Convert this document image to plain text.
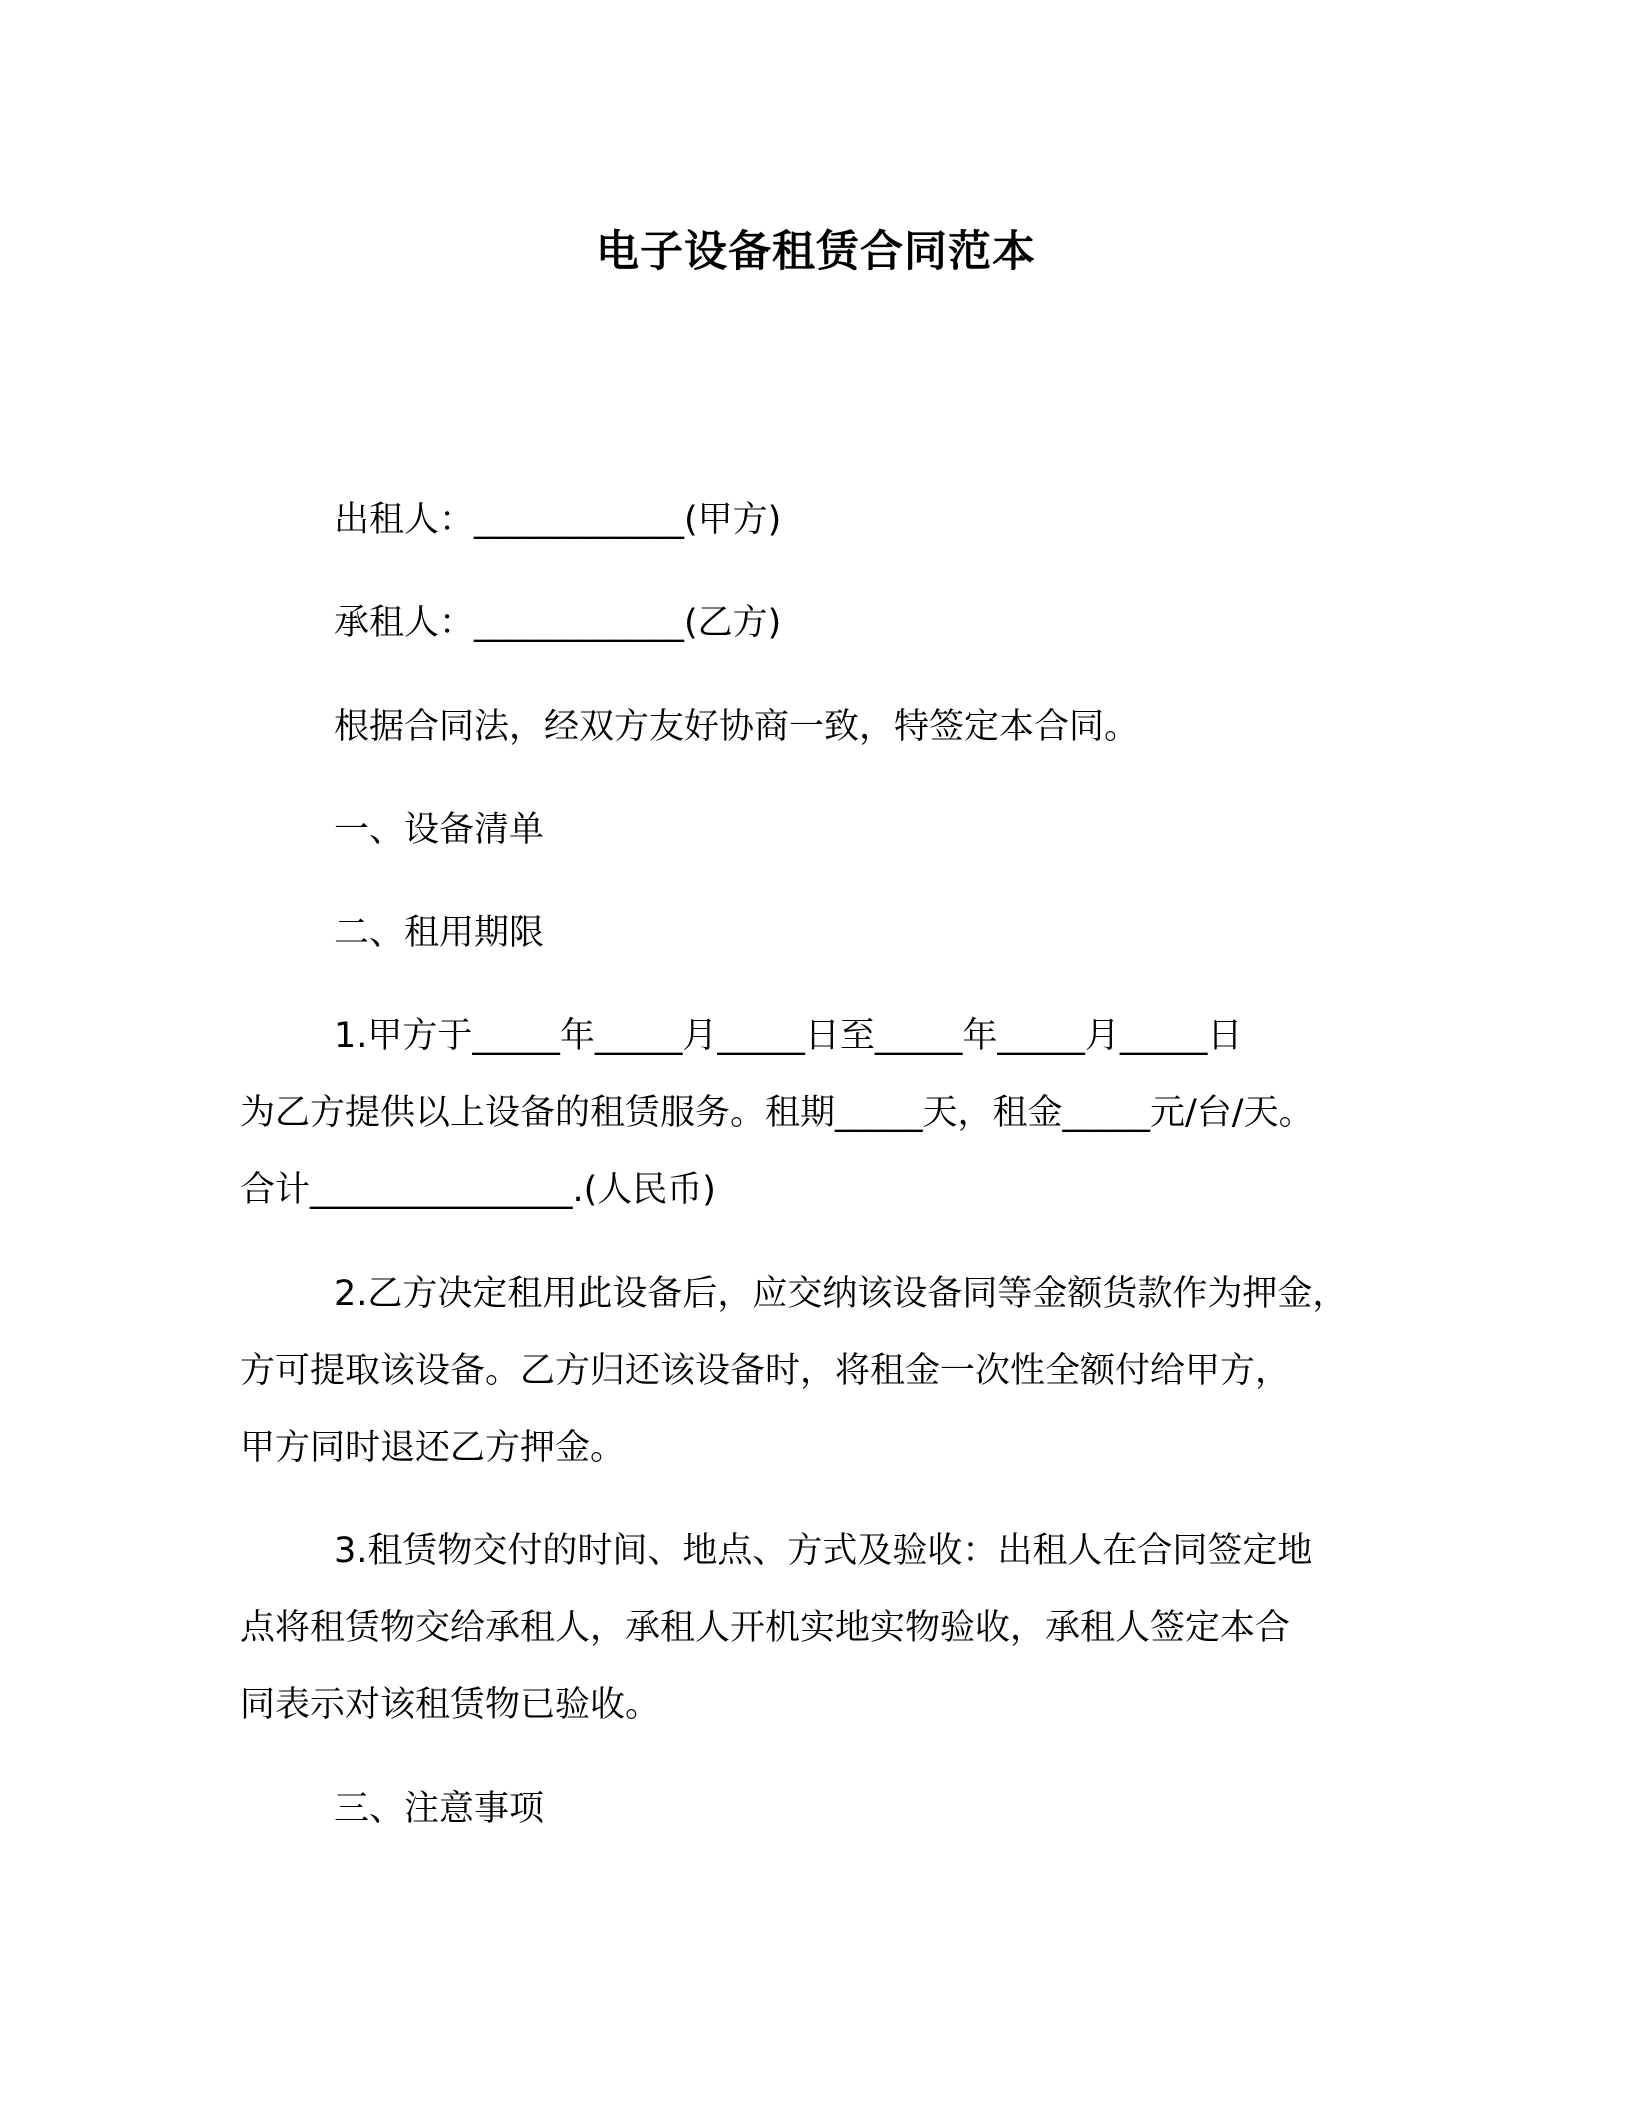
电子设备租赁合同范本

出租人：____________(甲方)

承租人：____________(乙方)

根据合同法，经双方友好协商一致，特签定本合同。

一、设备清单

二、租用期限

1.甲方于_____年_____月_____日至_____年_____月_____日

为乙方提供以上设备的租赁服务。租期_____天，租金_____元/台/天。

合计_______________.(人民币)

2.乙方决定租用此设备后，应交纳该设备同等金额货款作为押金，

方可提取该设备。乙方归还该设备时，将租金一次性全额付给甲方，

甲方同时退还乙方押金。

3.租赁物交付的时间、地点、方式及验收：出租人在合同签定地

点将租赁物交给承租人，承租人开机实地实物验收，承租人签定本合

同表示对该租赁物已验收。

三、注意事项
